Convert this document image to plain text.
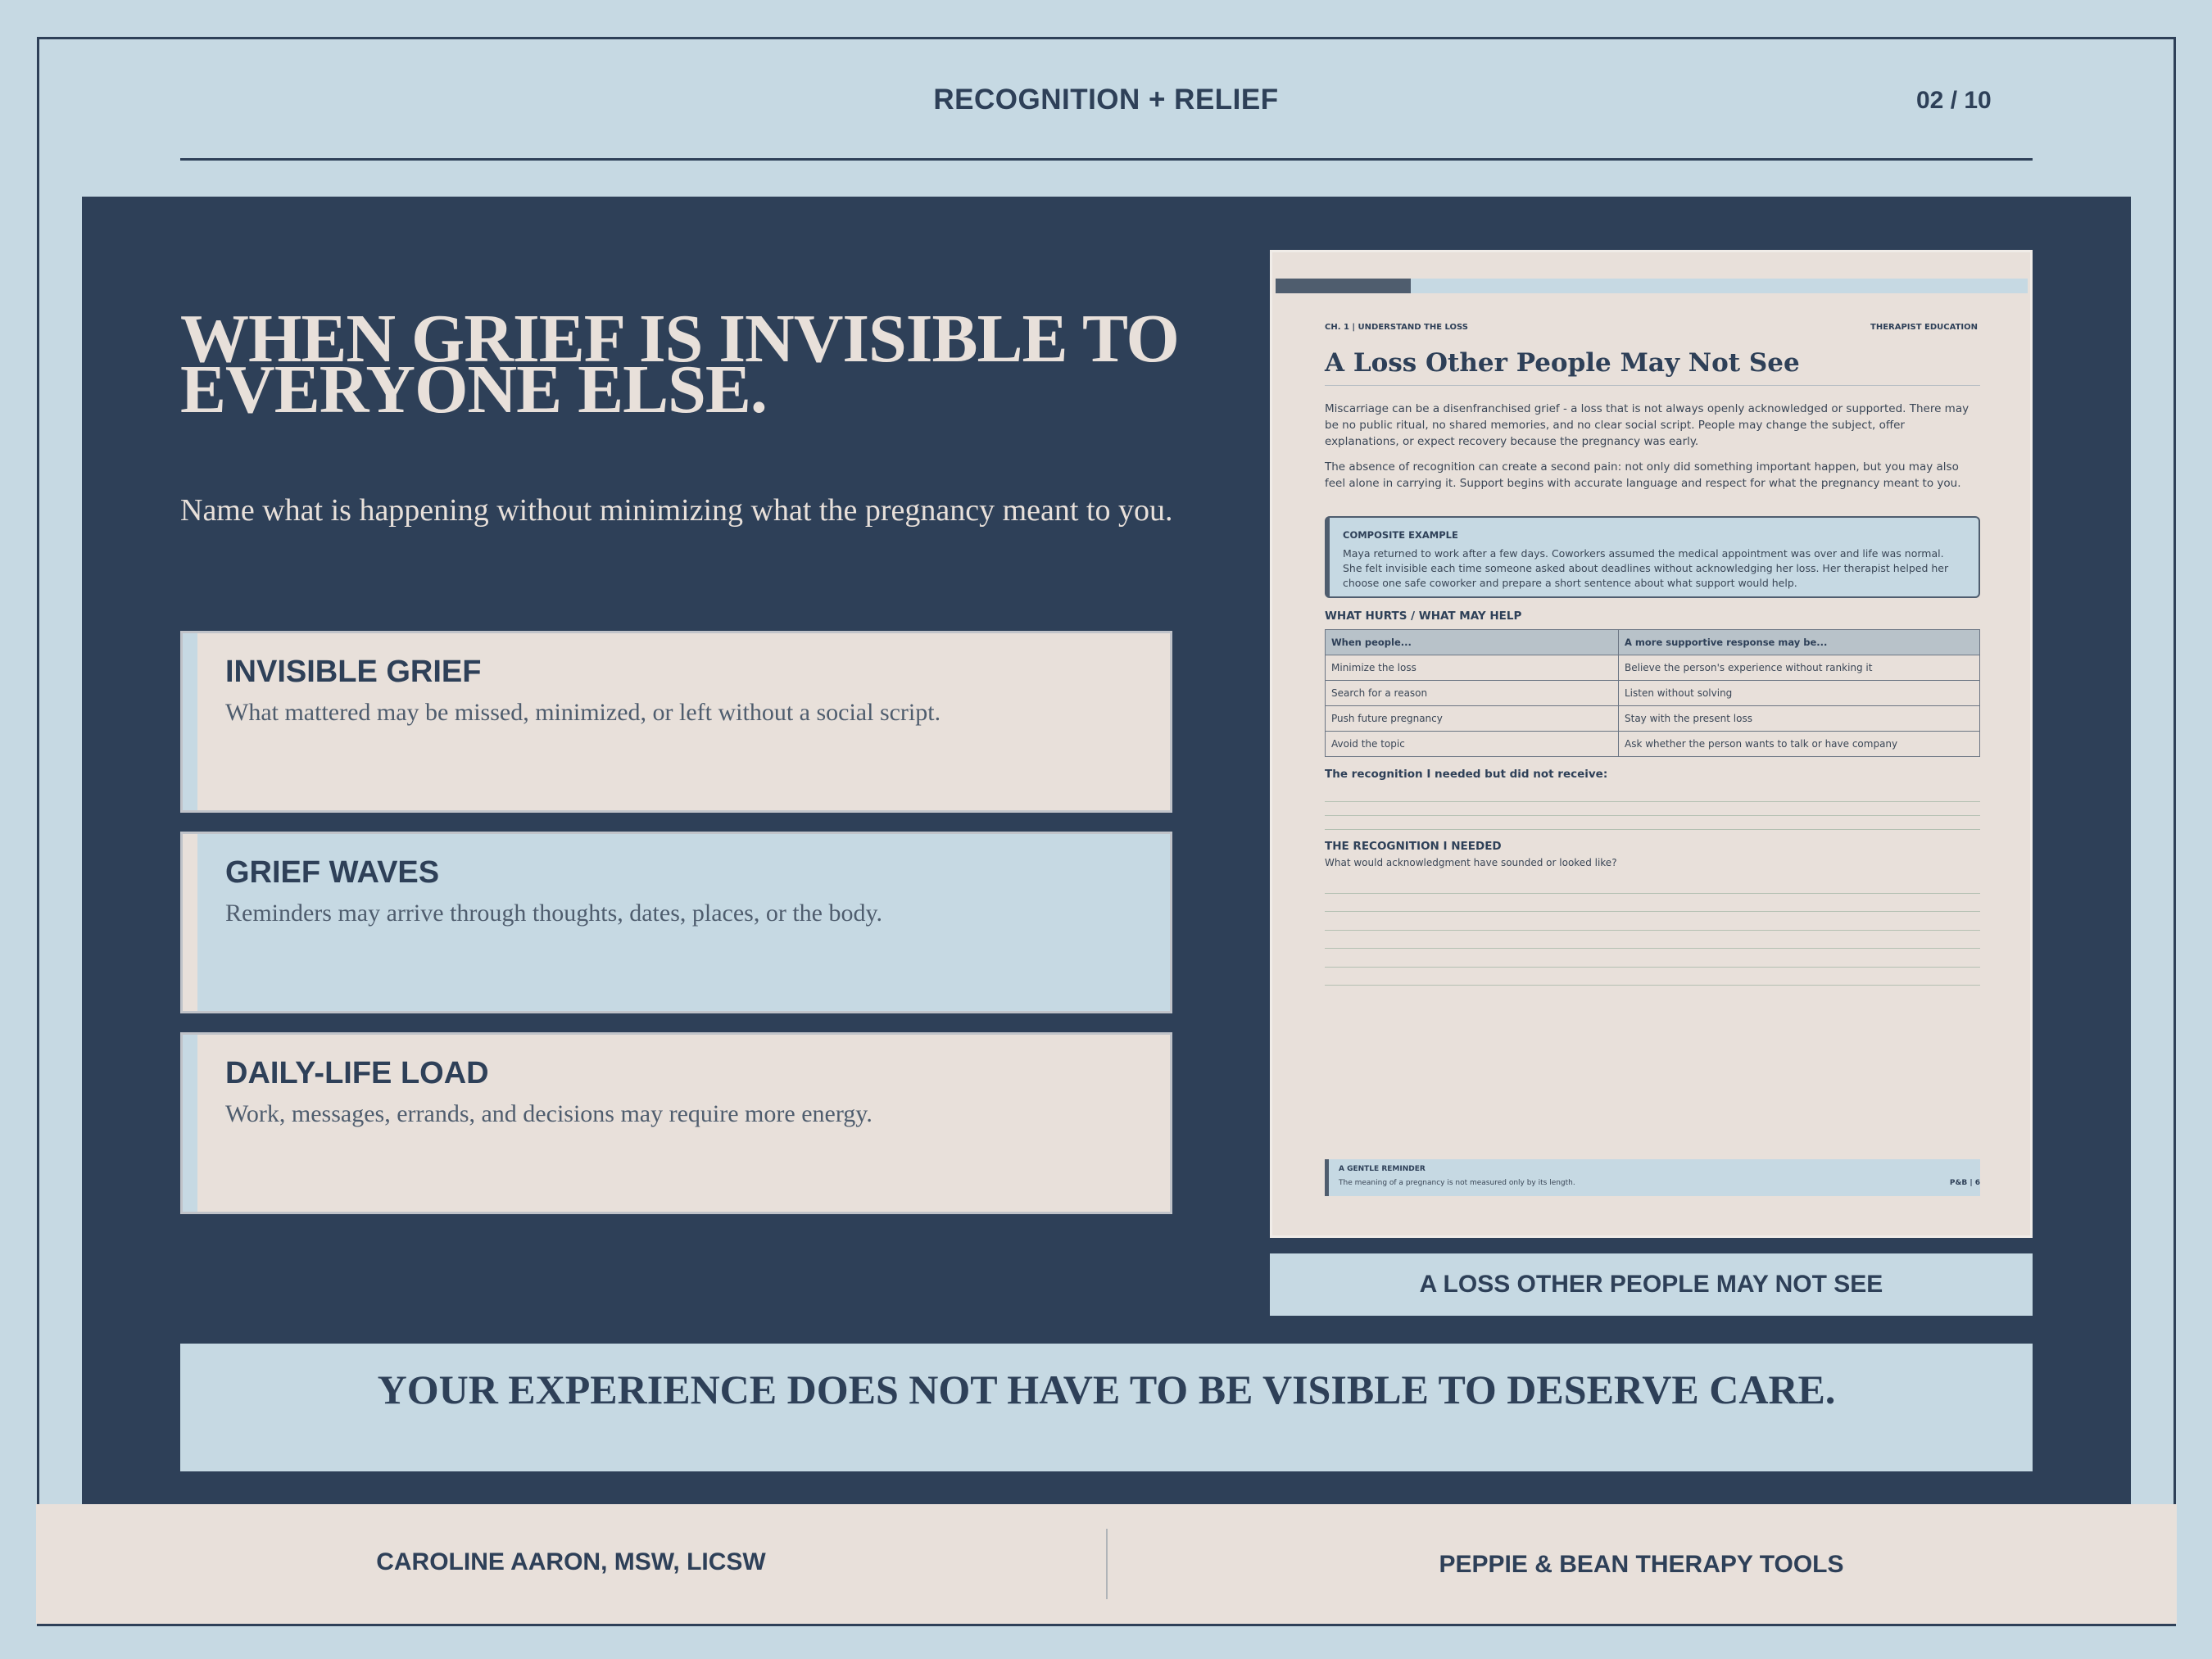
RECOGNITION + RELIEF	02 / 10
WHEN GRIEF IS INVISIBLE TO EVERYONE ELSE.
Name what is happening without minimizing what the pregnancy meant to you.
INVISIBLE GRIEF
What mattered may be missed, minimized, or left without a social script.
GRIEF WAVES
Reminders may arrive through thoughts, dates, places, or the body.
DAILY-LIFE LOAD
Work, messages, errands, and decisions may require more energy.
CH. 1 | UNDERSTAND THE LOSS	THERAPIST EDUCATION
A Loss Other People May Not See
Miscarriage can be a disenfranchised grief - a loss that is not always openly acknowledged or supported. There may be no public ritual, no shared memories, and no clear social script. People may change the subject, offer explanations, or expect recovery because the pregnancy was early.
The absence of recognition can create a second pain: not only did something important happen, but you may also feel alone in carrying it. Support begins with accurate language and respect for what the pregnancy meant to you.
COMPOSITE EXAMPLE
Maya returned to work after a few days. Coworkers assumed the medical appointment was over and life was normal. She felt invisible each time someone asked about deadlines without acknowledging her loss. Her therapist helped her choose one safe coworker and prepare a short sentence about what support would help.
WHAT HURTS / WHAT MAY HELP
When people...	A more supportive response may be...
Minimize the loss	Believe the person's experience without ranking it
Search for a reason	Listen without solving
Push future pregnancy	Stay with the present loss
Avoid the topic	Ask whether the person wants to talk or have company
The recognition I needed but did not receive:
THE RECOGNITION I NEEDED
What would acknowledgment have sounded or looked like?
A GENTLE REMINDER
The meaning of a pregnancy is not measured only by its length.	P&B | 6
A LOSS OTHER PEOPLE MAY NOT SEE
YOUR EXPERIENCE DOES NOT HAVE TO BE VISIBLE TO DESERVE CARE.
CAROLINE AARON, MSW, LICSW	PEPPIE & BEAN THERAPY TOOLS
